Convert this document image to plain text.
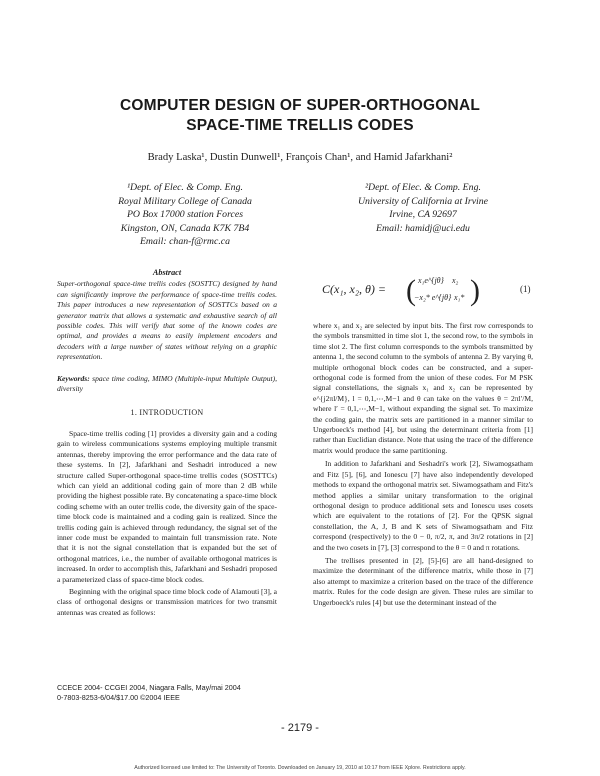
COMPUTER DESIGN OF SUPER-ORTHOGONAL
SPACE-TIME TRELLIS CODES
Brady Laska¹, Dustin Dunwell¹, François Chan¹, and Hamid Jafarkhani²
¹Dept. of Elec. & Comp. Eng.
Royal Military College of Canada
PO Box 17000 station Forces
Kingston, ON, Canada K7K 7B4
Email: chan-f@rmc.ca
²Dept. of Elec. & Comp. Eng.
University of California at Irvine
Irvine, CA 92697
Email: hamidj@uci.edu
Abstract
Super-orthogonal space-time trellis codes (SOSTTC) designed by hand can significantly improve the performance of space-time trellis codes. This paper introduces a new representation of SOSTTCs based on a generator matrix that allows a systematic and exhaustive search of all possible codes. This will verify that some of the known codes are optimal, and provides a means to easily implement encoders and decoders with a large number of states without relying on a graphic representation.
Keywords: space time coding, MIMO (Multiple-input Multiple Output), diversity
1. INTRODUCTION

Space-time trellis coding [1] provides a diversity gain and a coding gain to wireless communications systems employing multiple transmit antennas, thereby improving the error performance and the data rate of these systems. In [2], Jafarkhani and Seshadri introduced a new structure called Super-orthogonal space-time trellis codes (SOSTTCs) which can yield an additional coding gain of more than 2 dB while providing the highest possible rate. By concatenating a space-time block coding scheme with an outer trellis code, the diversity gain of the space-time block code is maintained and a coding gain is realized. Since the trellis coding gain is achieved through redundancy, the signal set of the inner code must be expanded to maintain full transmission rate. Note that it is not the signal constellation that is expanded but the set of orthogonal matrices, i.e., the number of available orthogonal matrices is increased. In order to accomplish this, Jafarkhani and Seshadri proposed a parameterized class of space-time block codes.

Beginning with the original space time block code of Alamouti [3], a class of orthogonal designs or transmission matrices for two transmit antennas was created as follows:

C(x₁, x₂, θ) = ( x₁e^{jθ} x₂
−x₂* e^{jθ} x₁* )	(1)

where x₁ and x₂ are selected by input bits. The first row corresponds to the symbols transmitted in time slot 1, the second row, to the symbols in time slot 2. The first column corresponds to the symbols transmitted by antenna 1, the second column to the symbols of antenna 2. By varying θ, multiple orthogonal block codes can be constructed, and a super-orthogonal code is formed from the union of these codes. For M PSK signal constellations, the signals x₁ and x₂ can be represented by e^{j2πl/M}, l = 0,1,⋯,M−1 and θ can take on the values θ = 2πl′/M, where l′ = 0,1,⋯,M−1, without expanding the signal set. To maximize the coding gain, the matrix sets are partitioned in a manner similar to Ungerboeck's method [4], but using the determinant criteria from [1] rather than Euclidian distance. Note that using the trace of the difference matrix would produce the same partitioning.

In addition to Jafarkhani and Seshadri's work [2], Siwamogsatham and Fitz [5], [6], and Ionescu [7] have also independently developed methods to expand the orthogonal matrix set. Siwamogsatham and Fitz's method applies a similar unitary transformation to the original orthogonal design to produce additional sets and Ionescu uses cosets which are equivalent to the rotations of [2]. For the QPSK signal constellation, the A, J, B and K sets of Siwamogsatham and Fitz correspond (respectively) to the 0 − 0, π/2, π, and 3π/2 rotations in [2] and the two cosets in [7], [3] correspond to the θ = 0 and π rotations.

The trellises presented in [2], [5]-[6] are all hand-designed to maximize the determinant of the difference matrix, while those in [7] also attempt to maximize a criterion based on the trace of the difference matrix. Rules for the code design are given. These rules are similar to Ungerboeck's rules [4] but use the determinant instead of the

CCECE 2004- CCGEI 2004, Niagara Falls, May/mai 2004
0-7803-8253-6/04/$17.00 ©2004 IEEE
- 2179 -
Authorized licensed use limited to: The University of Toronto. Downloaded on January 19, 2010 at 10:17 from IEEE Xplore. Restrictions apply.
